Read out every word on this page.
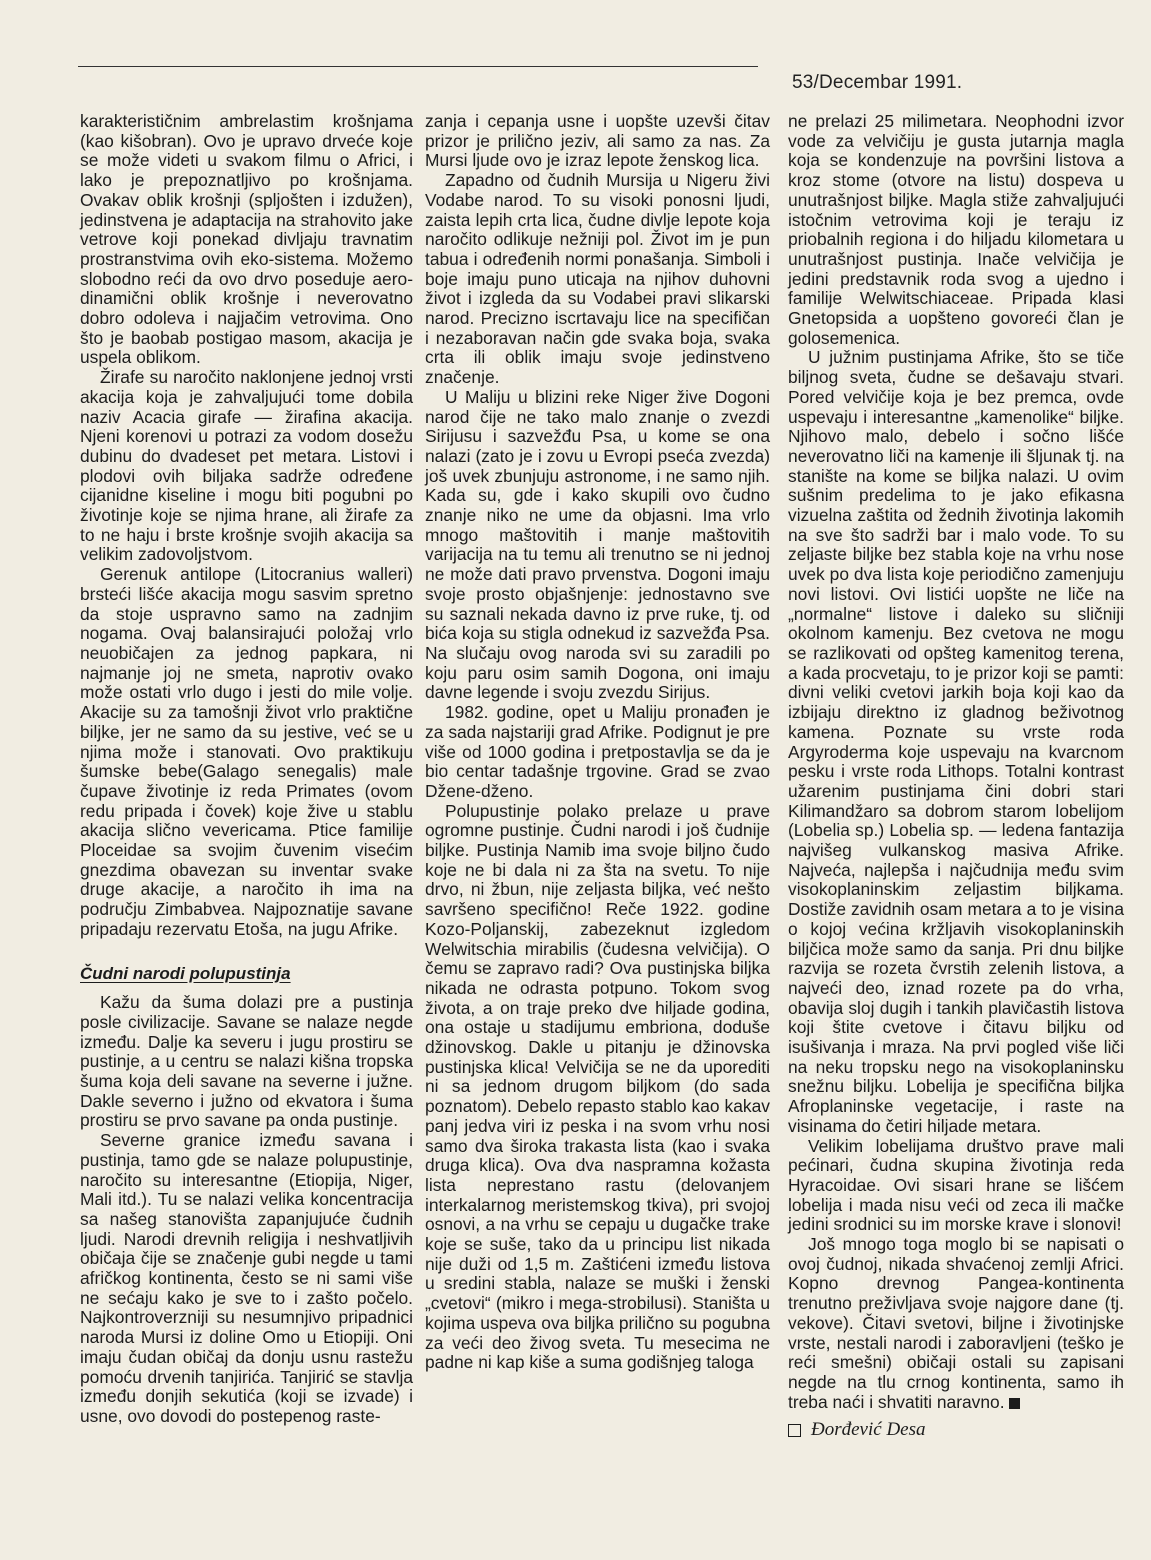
53/Decembar 1991.

karakterističnim ambrelastim krošnjama (kao kišobran). Ovo je upravo drveće koje se može videti u svakom filmu o Africi, i lako je prepoznatljivo po krošnjama. Ovakav oblik krošnji (spljošten i izdužen), jedinstvena je adaptacija na strahovito jake vetrove koji ponekad divljaju travnatim prostranstvima ovih eko-sistema. Možemo slobodno reći da ovo drvo poseduje aero-dinamični oblik krošnje i neverovatno dobro odoleva i najjačim vetrovima. Ono što je baobab postigao masom, akacija je uspela oblikom.

Žirafe su naročito naklonjene jednoj vrsti akacija koja je zahvaljujući tome dobila naziv Acacia girafe — žirafina akacija. Njeni korenovi u potrazi za vodom dosežu dubinu do dvadeset pet metara. Listovi i plodovi ovih biljaka sadrže određene cijanidne kiseline i mogu biti pogubni po životinje koje se njima hrane, ali žirafe za to ne haju i brste krošnje svojih akacija sa velikim zadovoljstvom.

Gerenuk antilope (Litocranius walleri) brsteći lišće akacija mogu sasvim spretno da stoje uspravno samo na zadnjim nogama. Ovaj balansirajući položaj vrlo neuobičajen za jednog papkara, ni najmanje joj ne smeta, naprotiv ovako može ostati vrlo dugo i jesti do mile volje. Akacije su za tamošnji život vrlo praktične biljke, jer ne samo da su jestive, već se u njima može i stanovati. Ovo praktikuju šumske bebe(Galago senegalis) male čupave životinje iz reda Primates (ovom redu pripada i čovek) koje žive u stablu akacija slično vevericama. Ptice familije Ploceidae sa svojim čuvenim visećim gnezdima obavezan su inventar svake druge akacije, a naročito ih ima na području Zimbabvea. Najpoznatije savane pripadaju rezervatu Etoša, na jugu Afrike.

Čudni narodi polupustinja

Kažu da šuma dolazi pre a pustinja posle civilizacije. Savane se nalaze negde između. Dalje ka severu i jugu prostiru se pustinje, a u centru se nalazi kišna tropska šuma koja deli savane na severne i južne. Dakle severno i južno od ekvatora i šuma prostiru se prvo savane pa onda pustinje.

Severne granice između savana i pustinja, tamo gde se nalaze polupustinje, naročito su interesantne (Etiopija, Niger, Mali itd.). Tu se nalazi velika koncentracija sa našeg stanovišta zapanjujuće čudnih ljudi. Narodi drevnih religija i neshvatljivih običaja čije se značenje gubi negde u tami afričkog kontinenta, često se ni sami više ne sećaju kako je sve to i zašto počelo. Najkontroverzniji su nesumnjivo pripadnici naroda Mursi iz doline Omo u Etiopiji. Oni imaju čudan običaj da donju usnu rastežu pomoću drvenih tanjirića. Tanjirić se stavlja između donjih sekutića (koji se izvade) i usne, ovo dovodi do postepenog raste-

zanja i cepanja usne i uopšte uzevši čitav prizor je prilično jeziv, ali samo za nas. Za Mursi ljude ovo je izraz lepote ženskog lica.

Zapadno od čudnih Mursija u Nigeru živi Vodabe narod. To su visoki ponosni ljudi, zaista lepih crta lica, čudne divlje lepote koja naročito odlikuje nežniji pol. Život im je pun tabua i određenih normi ponašanja. Simboli i boje imaju puno uticaja na njihov duhovni život i izgleda da su Vodabei pravi slikarski narod. Precizno iscrtavaju lice na specifičan i nezaboravan način gde svaka boja, svaka crta ili oblik imaju svoje jedinstveno značenje.

U Maliju u blizini reke Niger žive Dogoni narod čije ne tako malo znanje o zvezdi Sirijusu i sazvežđu Psa, u kome se ona nalazi (zato je i zovu u Evropi pseća zvezda) još uvek zbunjuju astronome, i ne samo njih. Kada su, gde i kako skupili ovo čudno znanje niko ne ume da objasni. Ima vrlo mnogo maštovitih i manje maštovitih varijacija na tu temu ali trenutno se ni jednoj ne može dati pravo prvenstva. Dogoni imaju svoje prosto objašnjenje: jednostavno sve su saznali nekada davno iz prve ruke, tj. od bića koja su stigla odnekud iz sazvežđa Psa. Na slučaju ovog naroda svi su zaradili po koju paru osim samih Dogona, oni imaju davne legende i svoju zvezdu Sirijus.

1982. godine, opet u Maliju pronađen je za sada najstariji grad Afrike. Podignut je pre više od 1000 godina i pretpostavlja se da je bio centar tadašnje trgovine. Grad se zvao Džene-dženo.

Polupustinje polako prelaze u prave ogromne pustinje. Čudni narodi i još čudnije biljke. Pustinja Namib ima svoje biljno čudo koje ne bi dala ni za šta na svetu. To nije drvo, ni žbun, nije zeljasta biljka, već nešto savršeno specifično! Reče 1922. godine Kozo-Poljanskij, zabezeknut izgledom Welwitschia mirabilis (čudesna velvičija). O čemu se zapravo radi? Ova pustinjska biljka nikada ne odrasta potpuno. Tokom svog života, a on traje preko dve hiljade godina, ona ostaje u stadijumu embriona, doduše džinovskog. Dakle u pitanju je džinovska pustinjska klica! Velvičija se ne da uporediti ni sa jednom drugom biljkom (do sada poznatom). Debelo repasto stablo kao kakav panj jedva viri iz peska i na svom vrhu nosi samo dva široka trakasta lista (kao i svaka druga klica). Ova dva naspramna kožasta lista neprestano rastu (delovanjem interkalarnog meristemskog tkiva), pri svojoj osnovi, a na vrhu se cepaju u dugačke trake koje se suše, tako da u principu list nikada nije duži od 1,5 m. Zaštićeni između listova u sredini stabla, nalaze se muški i ženski „cvetovi“ (mikro i mega-strobilusi). Staništa u kojima uspeva ova biljka prilično su pogubna za veći deo živog sveta. Tu mesecima ne padne ni kap kiše a suma godišnjeg taloga

ne prelazi 25 milimetara. Neophodni izvor vode za velvičiju je gusta jutarnja magla koja se kondenzuje na površini listova a kroz stome (otvore na listu) dospeva u unutrašnjost biljke. Magla stiže zahvaljujući istočnim vetrovima koji je teraju iz priobalnih regiona i do hiljadu kilometara u unutrašnjost pustinja. Inače velvičija je jedini predstavnik roda svog a ujedno i familije Welwitschiaceae. Pripada klasi Gnetopsida a uopšteno govoreći član je golosemenica.

U južnim pustinjama Afrike, što se tiče biljnog sveta, čudne se dešavaju stvari. Pored velvičije koja je bez premca, ovde uspevaju i interesantne „kamenolike“ biljke. Njihovo malo, debelo i sočno lišće neverovatno liči na kamenje ili šljunak tj. na stanište na kome se biljka nalazi. U ovim sušnim predelima to je jako efikasna vizuelna zaštita od žednih životinja lakomih na sve što sadrži bar i malo vode. To su zeljaste biljke bez stabla koje na vrhu nose uvek po dva lista koje periodično zamenjuju novi listovi. Ovi listići uopšte ne liče na „normalne“ listove i daleko su sličniji okolnom kamenju. Bez cvetova ne mogu se razlikovati od opšteg kamenitog terena, a kada procvetaju, to je prizor koji se pamti: divni veliki cvetovi jarkih boja koji kao da izbijaju direktno iz gladnog beživotnog kamena. Poznate su vrste roda Argyroderma koje uspevaju na kvarcnom pesku i vrste roda Lithops. Totalni kontrast užarenim pustinjama čini dobri stari Kilimandžaro sa dobrom starom lobelijom (Lobelia sp.) Lobelia sp. — ledena fantazija najvišeg vulkanskog masiva Afrike. Najveća, najlepša i najčudnija među svim visokoplaninskim zeljastim biljkama. Dostiže zavidnih osam metara a to je visina o kojoj većina kržljavih visokoplaninskih biljčica može samo da sanja. Pri dnu biljke razvija se rozeta čvrstih zelenih listova, a najveći deo, iznad rozete pa do vrha, obavija sloj dugih i tankih plavičastih listova koji štite cvetove i čitavu biljku od isušivanja i mraza. Na prvi pogled više liči na neku tropsku nego na visokoplaninsku snežnu biljku. Lobelija je specifična biljka Afroplaninske vegetacije, i raste na visinama do četiri hiljade metara.

Velikim lobelijama društvo prave mali pećinari, čudna skupina životinja reda Hyracoidae. Ovi sisari hrane se lišćem lobelija i mada nisu veći od zeca ili mačke jedini srodnici su im morske krave i slonovi!

Još mnogo toga moglo bi se napisati o ovoj čudnoj, nikada shvaćenoj zemlji Africi. Kopno drevnog Pangea-kontinenta trenutno preživljava svoje najgore dane (tj. vekove). Čitavi svetovi, biljne i životinjske vrste, nestali narodi i zaboravljeni (teško je reći smešni) običaji ostali su zapisani negde na tlu crnog kontinenta, samo ih treba naći i shvatiti naravno.

Đorđević Desa
